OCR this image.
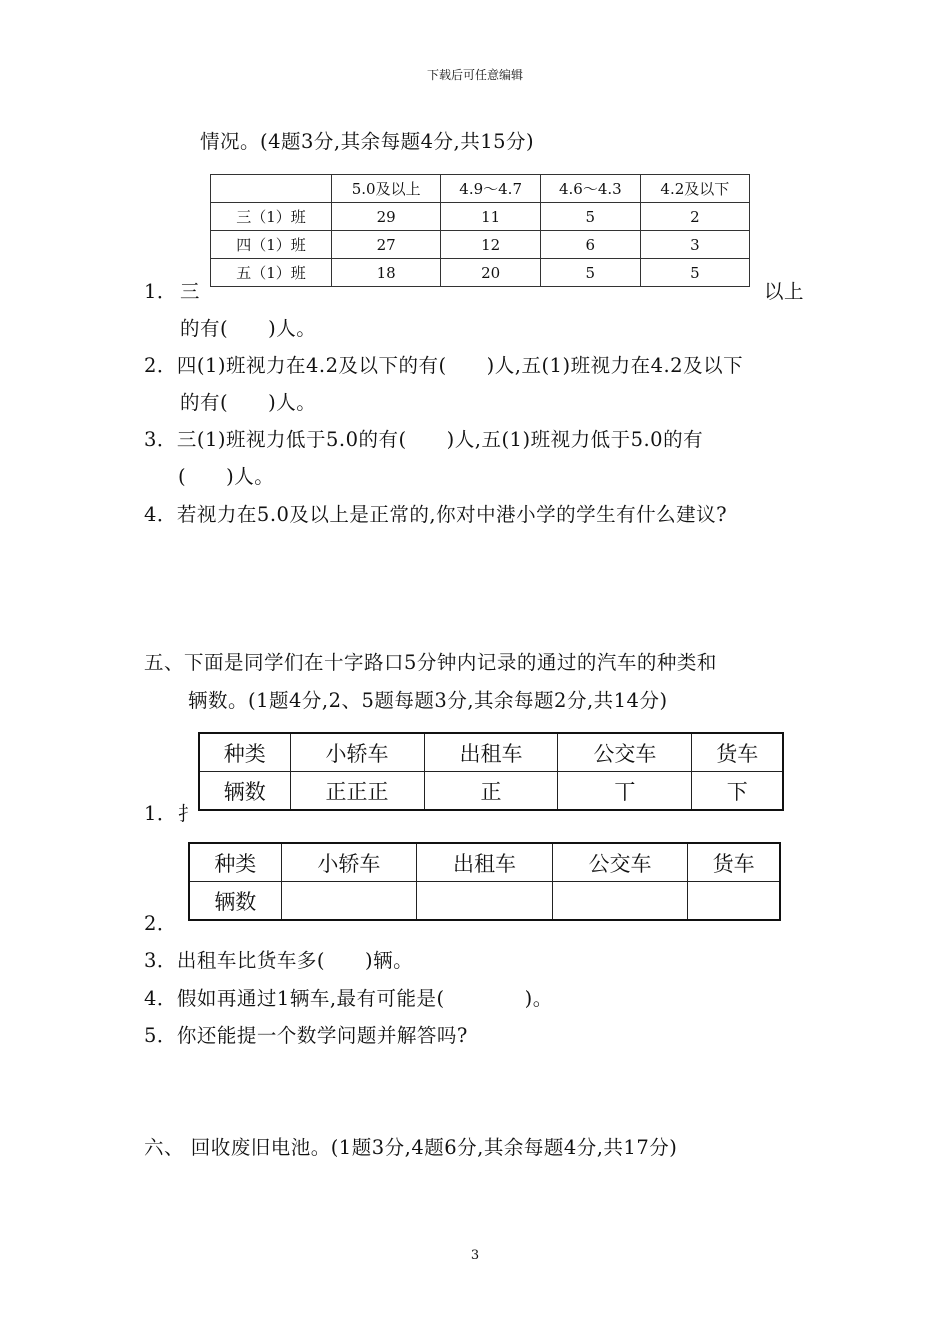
下载后可任意编辑
情况。(4题3分,其余每题4分,共15分)
1． 三	以上
	5.0及以上	4.9～4.7	4.6～4.3	4.2及以下
三（1）班	29	11	5	2
四（1）班	27	12	6	3
五（1）班	18	20	5	5
的有(　　)人。
2．四(1)班视力在4.2及以下的有(　　)人,五(1)班视力在4.2及以下
的有(　　)人。
3．三(1)班视力低于5.0的有(　　)人,五(1)班视力低于5.0的有
(　　)人。
4．若视力在5.0及以上是正常的,你对中港小学的学生有什么建议?
五、下面是同学们在十字路口5分钟内记录的通过的汽车的种类和
辆数。(1题4分,2、5题每题3分,其余每题2分,共14分)
1． 扌
种类	小轿车	出租车	公交车	货车
辆数	正正正	正	丅	下
2．
种类	小轿车	出租车	公交车	货车
辆数				
3．出租车比货车多(　　)辆。
4．假如再通过1辆车,最有可能是(　　　　)。
5．你还能提一个数学问题并解答吗?
六、 回收废旧电池。(1题3分,4题6分,其余每题4分,共17分)
3
